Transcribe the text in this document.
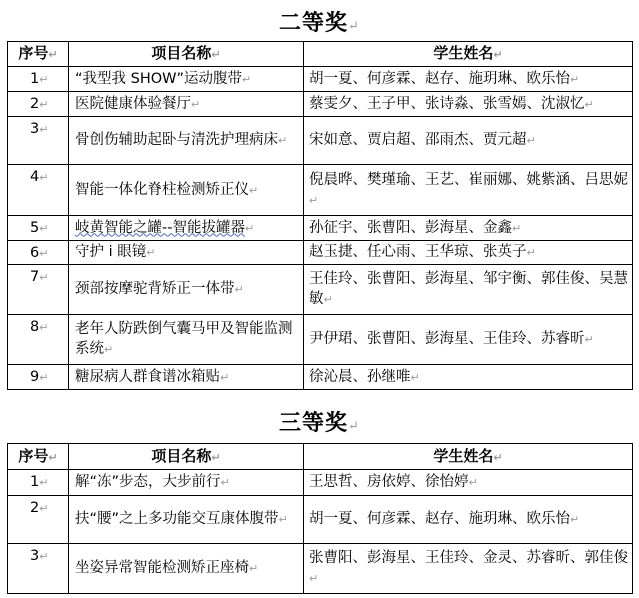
二等奖↵
序号↵	项目名称↵	学生姓名↵
1↵	“我型我 SHOW”运动腹带↵	胡一夏、何彦霖、赵存、施玥琳、欧乐怡↵
2↵	医院健康体验餐厅↵	蔡雯夕、王子甲、张诗淼、张雪嫣、沈淑忆↵
3↵	骨创伤辅助起卧与清洗护理病床↵	宋如意、贾启超、邵雨杰、贾元超↵
4↵	智能一体化脊柱检测矫正仪↵	倪晨晔、樊瑾瑜、王艺、崔丽娜、姚紫涵、吕思妮↵
5↵	岐黄智能之罐--智能拔罐器↵	孙征宇、张曹阳、彭海星、金鑫↵
6↵	守护 i 眼镜↵	赵玉捷、任心雨、王华琼、张英子↵
7↵	颈部按摩驼背矫正一体带↵	王佳玲、张曹阳、彭海星、邹宇衡、郭佳俊、吴慧敏↵
8↵	老年人防跌倒气囊马甲及智能监测系统↵	尹伊珺、张曹阳、彭海星、王佳玲、苏睿昕↵
9↵	糖尿病人群食谱冰箱贴↵	徐沁晨、孙继唯↵
三等奖↵
序号↵	项目名称↵	学生姓名↵
1↵	解“冻”步态，大步前行↵	王思哲、房依婷、徐怡婷↵
2↵	扶“腰”之上多功能交互康体腹带↵	胡一夏、何彦霖、赵存、施玥琳、欧乐怡↵
3↵	坐姿异常智能检测矫正座椅↵	张曹阳、彭海星、王佳玲、金灵、苏睿昕、郭佳俊↵
